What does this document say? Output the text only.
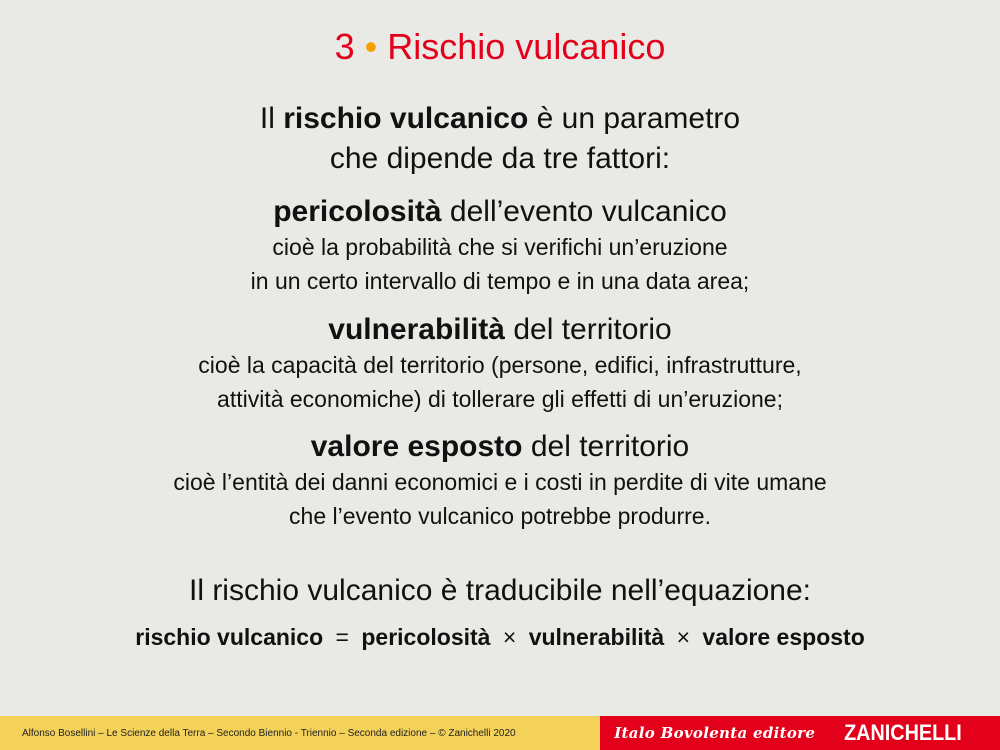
3 • Rischio vulcanico
Il rischio vulcanico è un parametro
che dipende da tre fattori:
pericolosità dell’evento vulcanico
cioè la probabilità che si verifichi un’eruzione
in un certo intervallo di tempo e in una data area;
vulnerabilità del territorio
cioè la capacità del territorio (persone, edifici, infrastrutture,
attività economiche) di tollerare gli effetti di un’eruzione;
valore esposto del territorio
cioè l’entità dei danni economici e i costi in perdite di vite umane
che l’evento vulcanico potrebbe produrre.
Il rischio vulcanico è traducibile nell’equazione:
rischio vulcanico = pericolosità × vulnerabilità × valore esposto
Alfonso Bosellini – Le Scienze della Terra – Secondo Biennio - Triennio – Seconda edizione – © Zanichelli 2020	Italo Bovolenta editore ZANICHELLI
